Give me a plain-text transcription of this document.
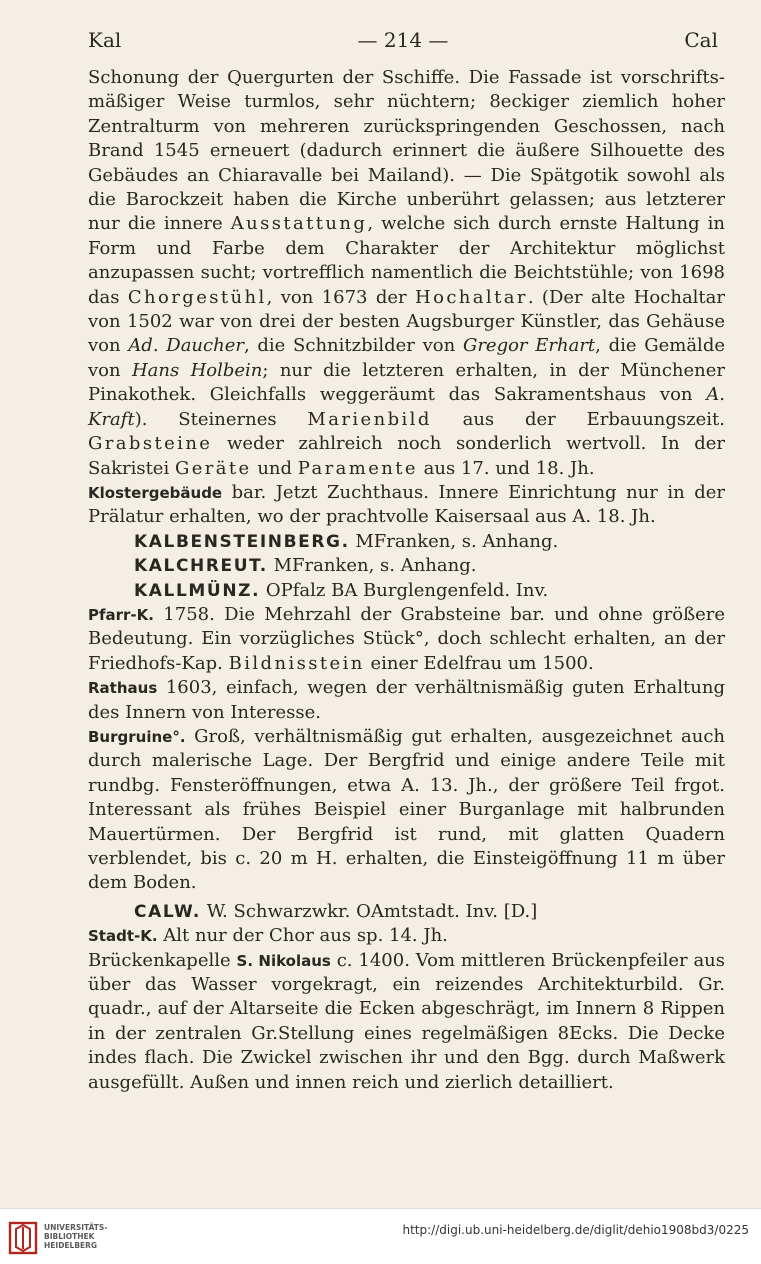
Kal	— 214 —	Cal

Schonung der Quergurten der Sschiffe. Die Fassade ist vorschrifts-mäßiger Weise turmlos, sehr nüchtern; 8eckiger ziemlich hoher Zentralturm von mehreren zurückspringenden Geschossen, nach Brand 1545 erneuert (dadurch erinnert die äußere Silhouette des Gebäudes an Chiaravalle bei Mailand). — Die Spätgotik sowohl als die Barockzeit haben die Kirche unberührt gelassen; aus letzterer nur die innere Ausstattung, welche sich durch ernste Haltung in Form und Farbe dem Charakter der Architektur möglichst anzupassen sucht; vortrefflich namentlich die Beichtstühle; von 1698 das Chorgestühl, von 1673 der Hochaltar. (Der alte Hochaltar von 1502 war von drei der besten Augsburger Künstler, das Gehäuse von Ad. Daucher, die Schnitzbilder von Gregor Erhart, die Gemälde von Hans Holbein; nur die letzteren erhalten, in der Münchener Pinakothek. Gleichfalls weggeräumt das Sakramentshaus von A. Kraft). Steinernes Marienbild aus der Erbauungszeit. Grabsteine weder zahlreich noch sonderlich wertvoll. In der Sakristei Geräte und Paramente aus 17. und 18. Jh.

Klostergebäude bar. Jetzt Zuchthaus. Innere Einrichtung nur in der Prälatur erhalten, wo der prachtvolle Kaisersaal aus A. 18. Jh.

KALBENSTEINBERG. MFranken, s. Anhang.

KALCHREUT. MFranken, s. Anhang.

KALLMÜNZ. OPfalz BA Burglengenfeld. Inv.

Pfarr-K. 1758. Die Mehrzahl der Grabsteine bar. und ohne größere Bedeutung. Ein vorzügliches Stück°, doch schlecht erhalten, an der Friedhofs-Kap. Bildnisstein einer Edelfrau um 1500.

Rathaus 1603, einfach, wegen der verhältnismäßig guten Erhaltung des Innern von Interesse.

Burgruine°. Groß, verhältnismäßig gut erhalten, ausgezeichnet auch durch malerische Lage. Der Bergfrid und einige andere Teile mit rundbg. Fensteröffnungen, etwa A. 13. Jh., der größere Teil frgot. Interessant als frühes Beispiel einer Burganlage mit halbrunden Mauertürmen. Der Bergfrid ist rund, mit glatten Quadern verblendet, bis c. 20 m H. erhalten, die Einsteigöffnung 11 m über dem Boden.

CALW. W. Schwarzwkr. OAmtstadt. Inv. [D.]

Stadt-K. Alt nur der Chor aus sp. 14. Jh.

Brückenkapelle S. Nikolaus c. 1400. Vom mittleren Brückenpfeiler aus über das Wasser vorgekragt, ein reizendes Architekturbild. Gr. quadr., auf der Altarseite die Ecken abgeschrägt, im Innern 8 Rippen in der zentralen Gr.Stellung eines regelmäßigen 8Ecks. Die Decke indes flach. Die Zwickel zwischen ihr und den Bgg. durch Maßwerk ausgefüllt. Außen und innen reich und zierlich detailliert.

UNIVERSITÄTS-
BIBLIOTHEK
HEIDELBERG
http://digi.ub.uni-heidelberg.de/diglit/dehio1908bd3/0225
